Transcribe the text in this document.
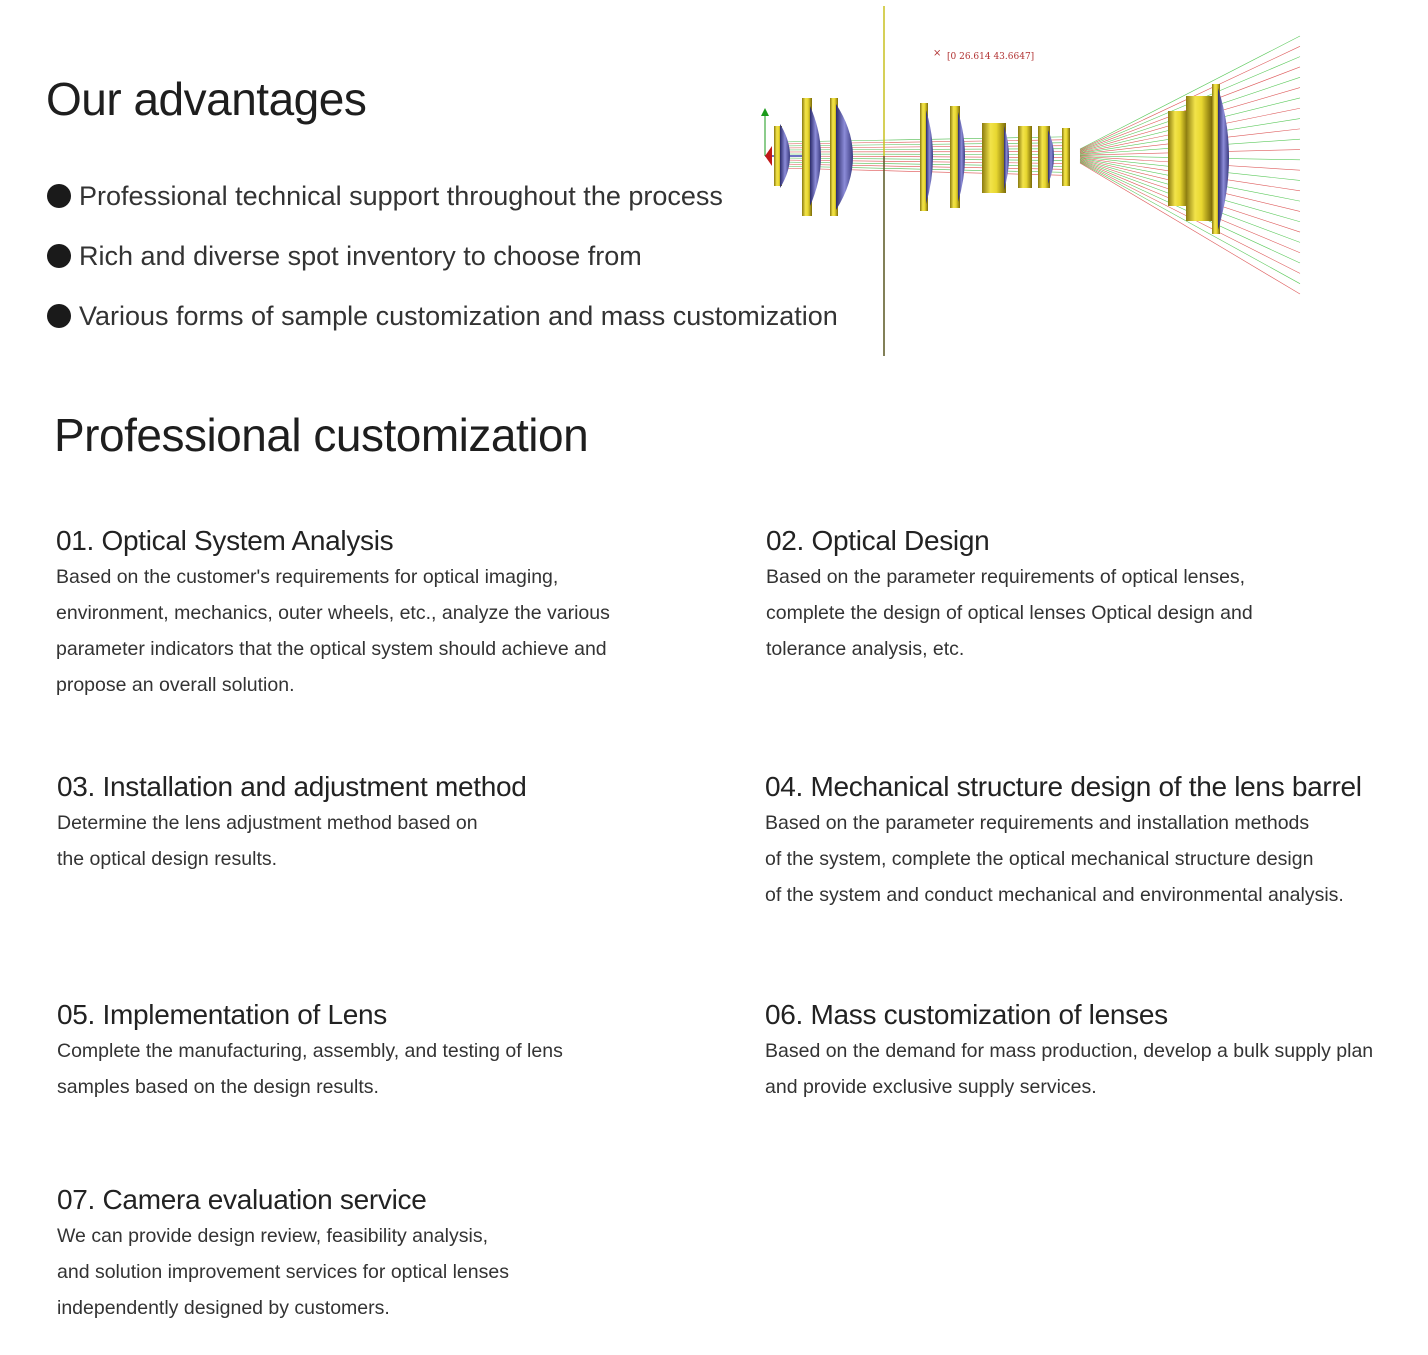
Our advantages
Professional technical support throughout the process
Rich and diverse spot inventory to choose from
Various forms of sample customization and mass customization
× [0 26.614 43.6647]
Professional customization
01. Optical System Analysis

Based on the customer's requirements for optical imaging,

environment, mechanics, outer wheels, etc., analyze the various

parameter indicators that the optical system should achieve and

propose an overall solution.

02. Optical Design

Based on the parameter requirements of optical lenses,

complete the design of optical lenses Optical design and

tolerance analysis, etc.

03. Installation and adjustment method

Determine the lens adjustment method based on

the optical design results.

04. Mechanical structure design of the lens barrel

Based on the parameter requirements and installation methods

of the system, complete the optical mechanical structure design

of the system and conduct mechanical and environmental analysis.

05. Implementation of Lens

Complete the manufacturing, assembly, and testing of lens

samples based on the design results.

06. Mass customization of lenses

Based on the demand for mass production, develop a bulk supply plan

and provide exclusive supply services.

07. Camera evaluation service

We can provide design review, feasibility analysis,

and solution improvement services for optical lenses

independently designed by customers.
